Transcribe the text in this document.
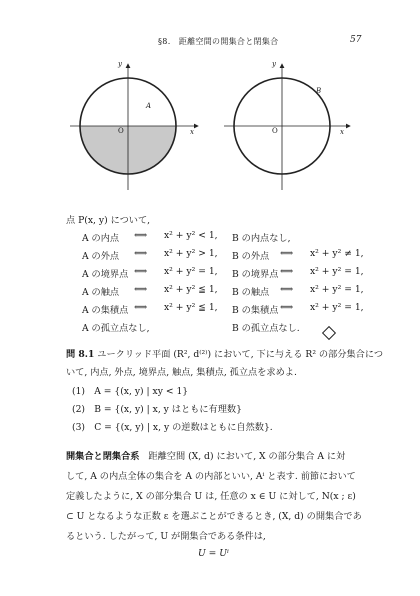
§8.　距離空間の開集合と閉集合	57
y
x
O
A
y
x
O
B
点 P(x, y) について,
A の内点 ⟺ x² + y² < 1, B の内点なし,
A の外点 ⟺ x² + y² > 1, B の外点 ⟺ x² + y² ≠ 1,
A の境界点 ⟺ x² + y² = 1, B の境界点 ⟺ x² + y² = 1,
A の触点 ⟺ x² + y² ≦ 1, B の触点 ⟺ x² + y² = 1,
A の集積点 ⟺ x² + y² ≦ 1, B の集積点 ⟺ x² + y² = 1,
A の孤立点なし,	B の孤立点なし.
問 8.1 ユークリッド平面 (R², d⁽²⁾) において, 下に与える R² の部分集合につ
いて, 内点, 外点, 境界点, 触点, 集積点, 孤立点を求めよ.
(1)　A = {(x, y) | xy < 1}
(2)　B = {(x, y) | x, y はともに有理数}
(3)　C = {(x, y) | x, y の逆数はともに自然数}.
開集合と閉集合系 距離空間 (X, d) において, X の部分集合 A に対
して, A の内点全体の集合を A の内部といい, Aⁱ と表す. 前節において
定義したように, X の部分集合 U は, 任意の x ∈ U に対して, N(x ; ε)
⊂ U となるような正数 ε を選ぶことができるとき, (X, d) の開集合であ
るという. したがって, U が開集合である条件は,
U = Uⁱ
